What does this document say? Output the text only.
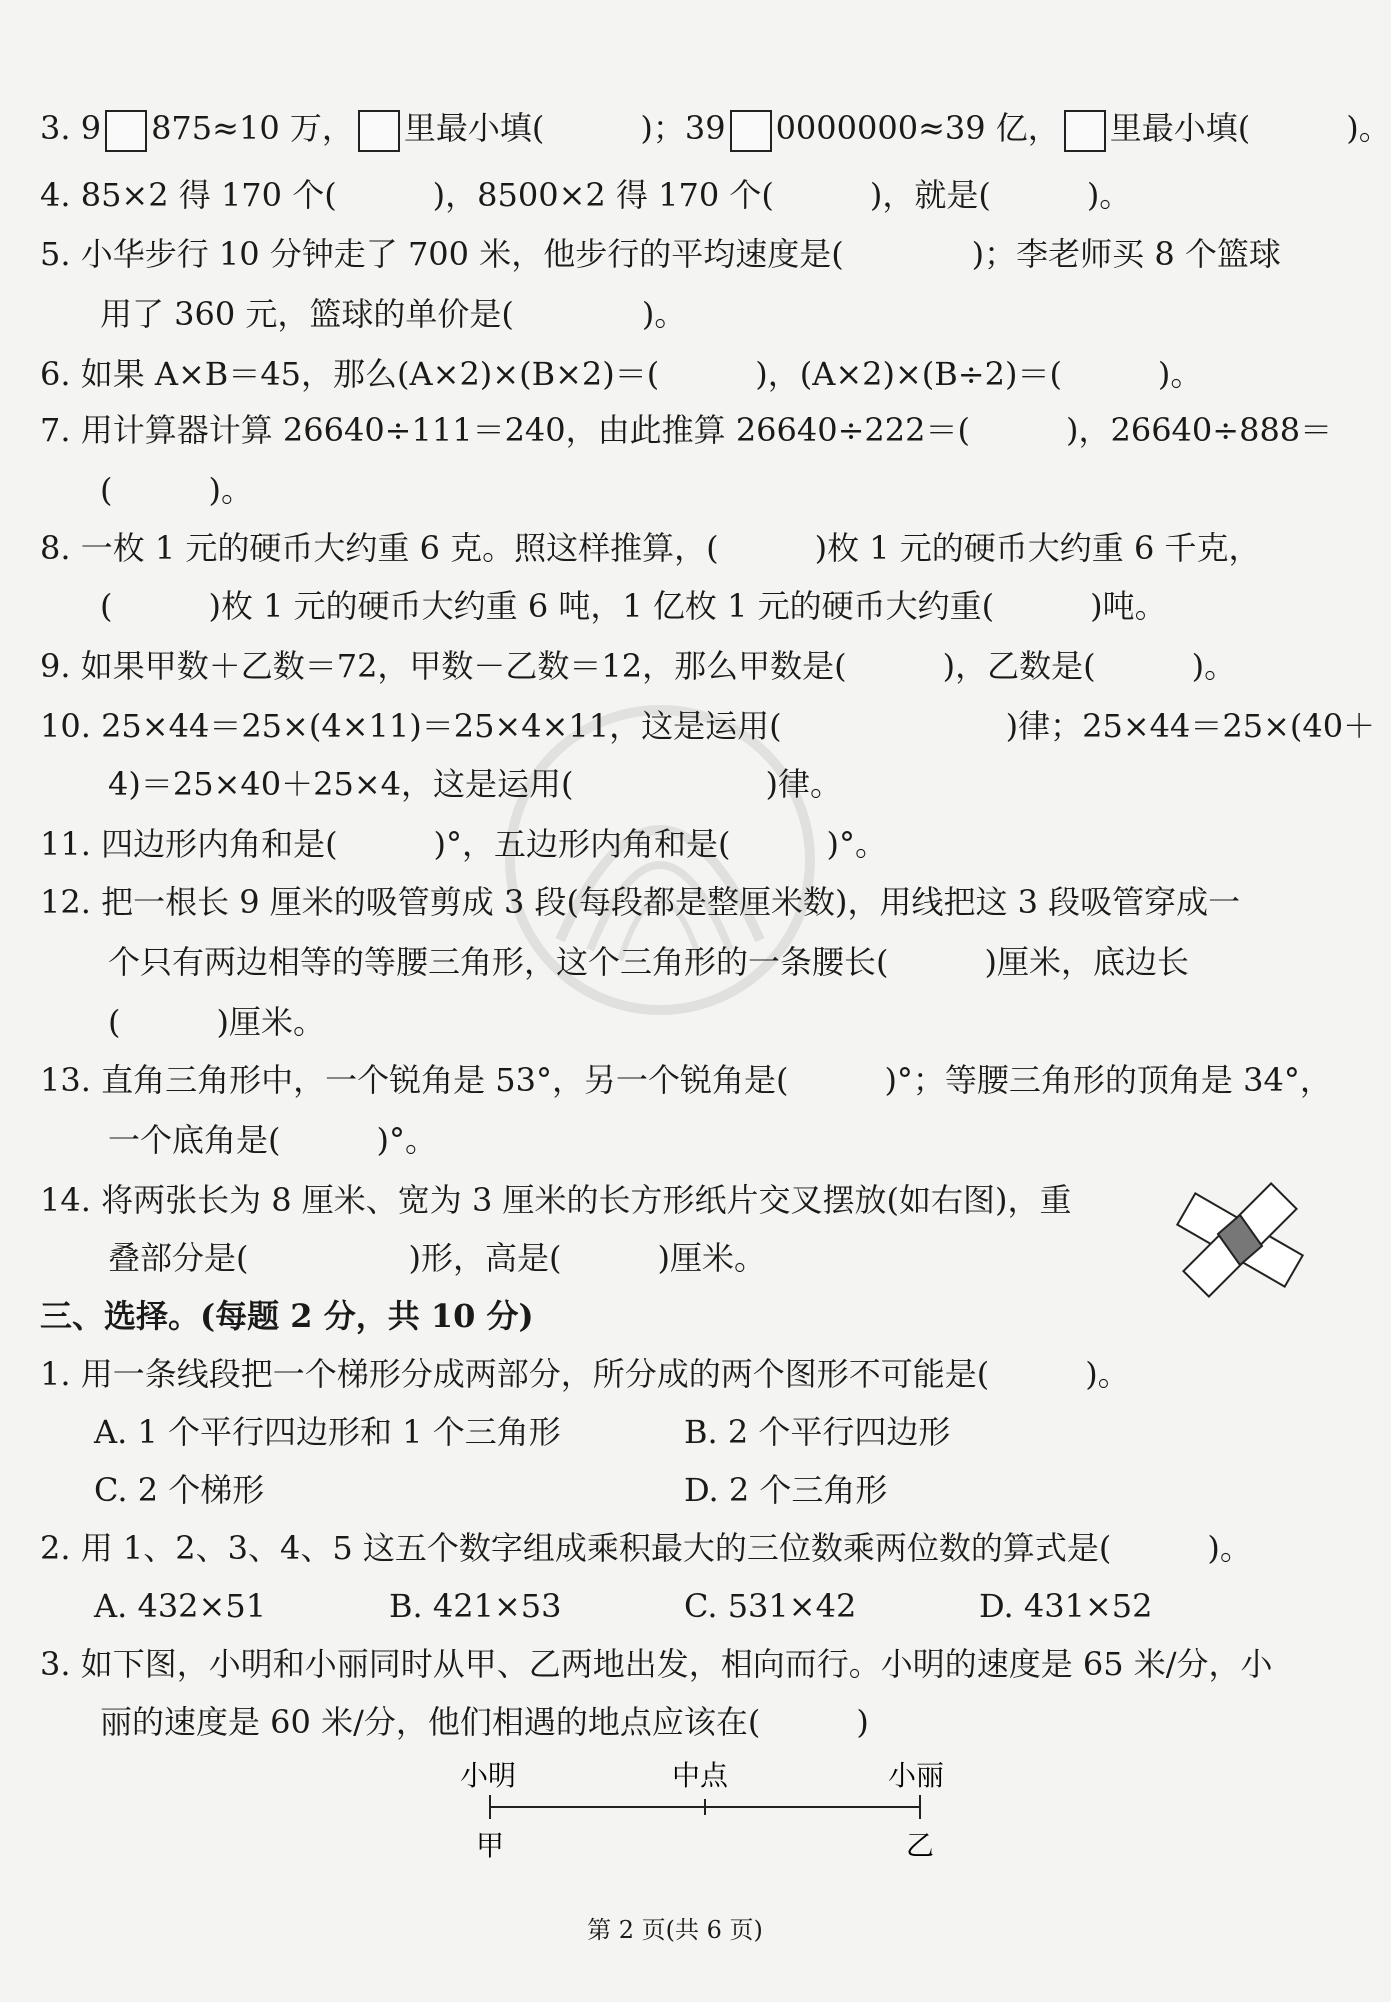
3. 9 875≈10 万， 里最小填(　　　)；39 0000000≈39 亿， 里最小填(　　　)。
4. 85×2 得 170 个(　　　)，8500×2 得 170 个(　　　)，就是(　　　)。
5. 小华步行 10 分钟走了 700 米，他步行的平均速度是(　　　　)；李老师买 8 个篮球
用了 360 元，篮球的单价是(　　　　)。
6. 如果 A×B＝45，那么(A×2)×(B×2)＝(　　　)，(A×2)×(B÷2)＝(　　　)。
7. 用计算器计算 26640÷111＝240，由此推算 26640÷222＝(　　　)，26640÷888＝
(　　　)。
8. 一枚 1 元的硬币大约重 6 克。照这样推算，(　　　)枚 1 元的硬币大约重 6 千克，
(　　　)枚 1 元的硬币大约重 6 吨，1 亿枚 1 元的硬币大约重(　　　)吨。
9. 如果甲数＋乙数＝72，甲数－乙数＝12，那么甲数是(　　　)，乙数是(　　　)。
10. 25×44＝25×(4×11)＝25×4×11，这是运用(　　　　　　　)律；25×44＝25×(40＋
4)＝25×40＋25×4，这是运用(　　　　　　)律。
11. 四边形内角和是(　　　)°，五边形内角和是(　　　)°。
12. 把一根长 9 厘米的吸管剪成 3 段(每段都是整厘米数)，用线把这 3 段吸管穿成一
个只有两边相等的等腰三角形，这个三角形的一条腰长(　　　)厘米，底边长
(　　　)厘米。
13. 直角三角形中，一个锐角是 53°，另一个锐角是(　　　)°；等腰三角形的顶角是 34°，
一个底角是(　　　)°。
14. 将两张长为 8 厘米、宽为 3 厘米的长方形纸片交叉摆放(如右图)，重
叠部分是(　　　　　)形，高是(　　　)厘米。
三、选择。(每题 2 分，共 10 分)
1. 用一条线段把一个梯形分成两部分，所分成的两个图形不可能是(　　　)。
A. 1 个平行四边形和 1 个三角形	B. 2 个平行四边形
C. 2 个梯形	D. 2 个三角形
2. 用 1、2、3、4、5 这五个数字组成乘积最大的三位数乘两位数的算式是(　　　)。
A. 432×51	B. 421×53	C. 531×42	D. 431×52
3. 如下图，小明和小丽同时从甲、乙两地出发，相向而行。小明的速度是 65 米/分，小
丽的速度是 60 米/分，他们相遇的地点应该在(　　　)
小明	中点	小丽
甲	乙
第 2 页(共 6 页)
